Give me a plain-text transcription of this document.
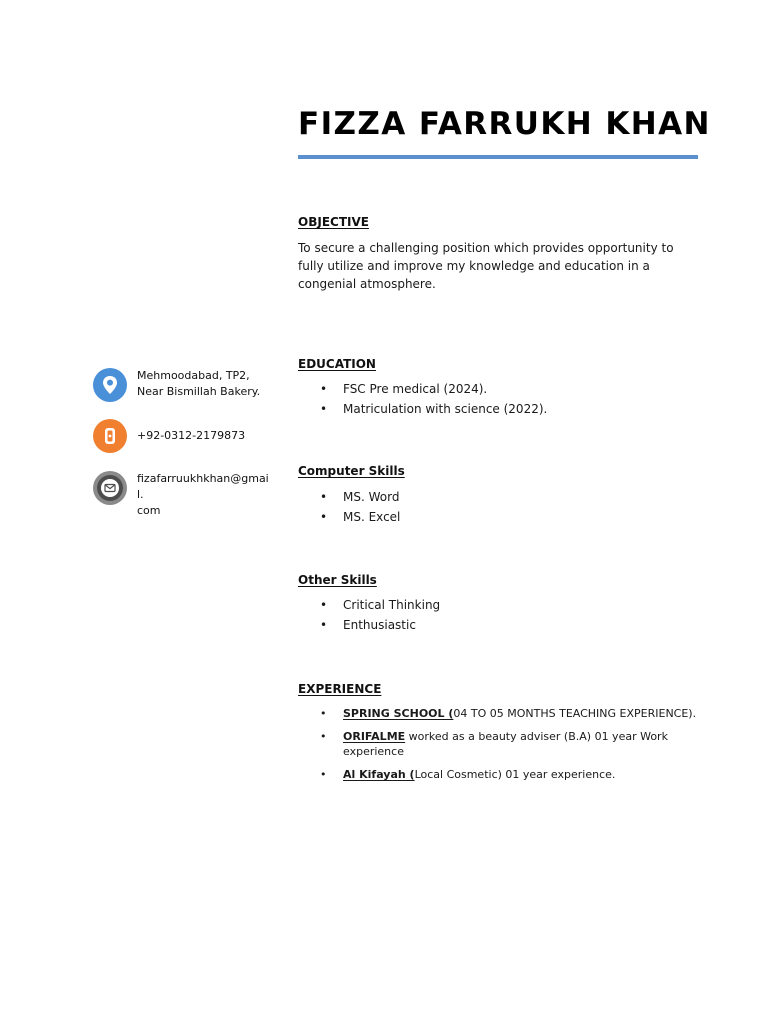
FIZZA FARRUKH KHAN
Mehmoodabad, TP2,
Near Bismillah Bakery.
+92-0312-2179873
fizafarruukhkhan@gmail.
com
OBJECTIVE
To secure a challenging position which provides opportunity to fully utilize and improve my knowledge and education in a congenial atmosphere.
EDUCATION
• FSC Pre medical (2024).
• Matriculation with science (2022).
Computer Skills
• MS. Word
• MS. Excel
Other Skills
• Critical Thinking
• Enthusiastic
EXPERIENCE
• SPRING SCHOOL (04 TO 05 MONTHS TEACHING EXPERIENCE).
• ORIFALME worked as a beauty adviser (B.A) 01 year Work experience
• Al Kifayah (Local Cosmetic) 01 year experience.
